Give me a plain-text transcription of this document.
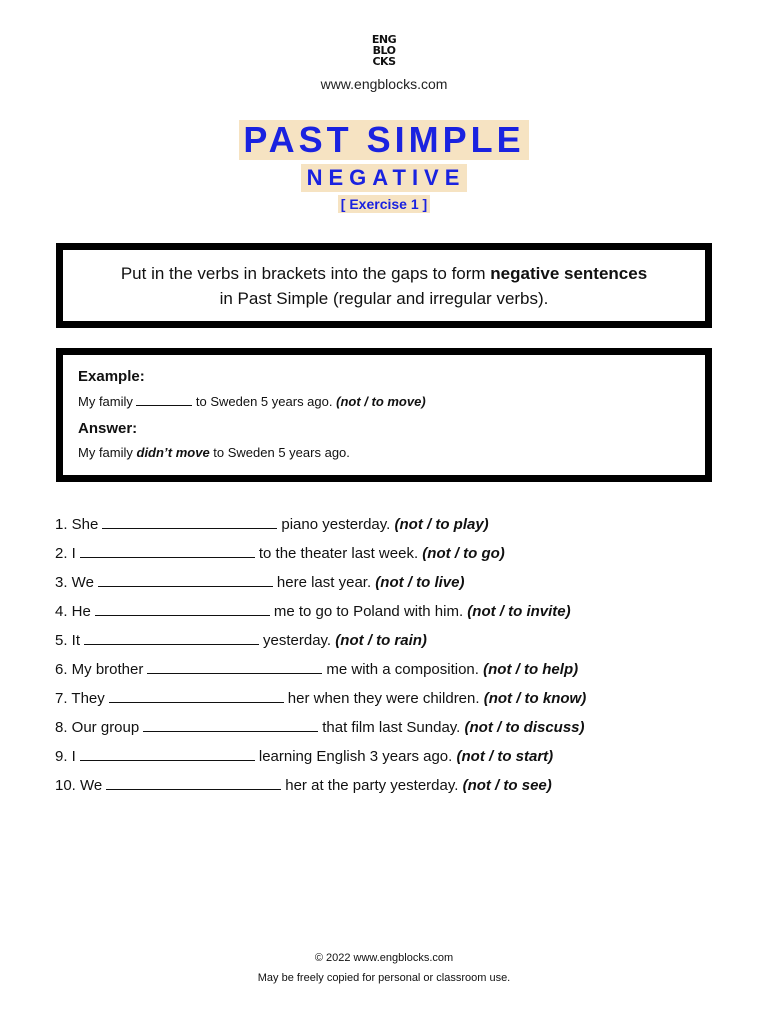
ENG
BLO
CKS
www.engblocks.com
PAST SIMPLE
NEGATIVE
[ Exercise 1 ]
Put in the verbs in brackets into the gaps to form negative sentences
in Past Simple (regular and irregular verbs).
Example:
My family	to Sweden 5 years ago. (not / to move)
Answer:
My family didn’t move to Sweden 5 years ago.
1. She	piano yesterday. (not / to play)
2. I	to the theater last week. (not / to go)
3. We	here last year. (not / to live)
4. He	me to go to Poland with him. (not / to invite)
5. It	yesterday. (not / to rain)
6. My brother	me with a composition. (not / to help)
7. They	her when they were children. (not / to know)
8. Our group	that film last Sunday. (not / to discuss)
9. I	learning English 3 years ago. (not / to start)
10. We	her at the party yesterday. (not / to see)
© 2022 www.engblocks.com
May be freely copied for personal or classroom use.
